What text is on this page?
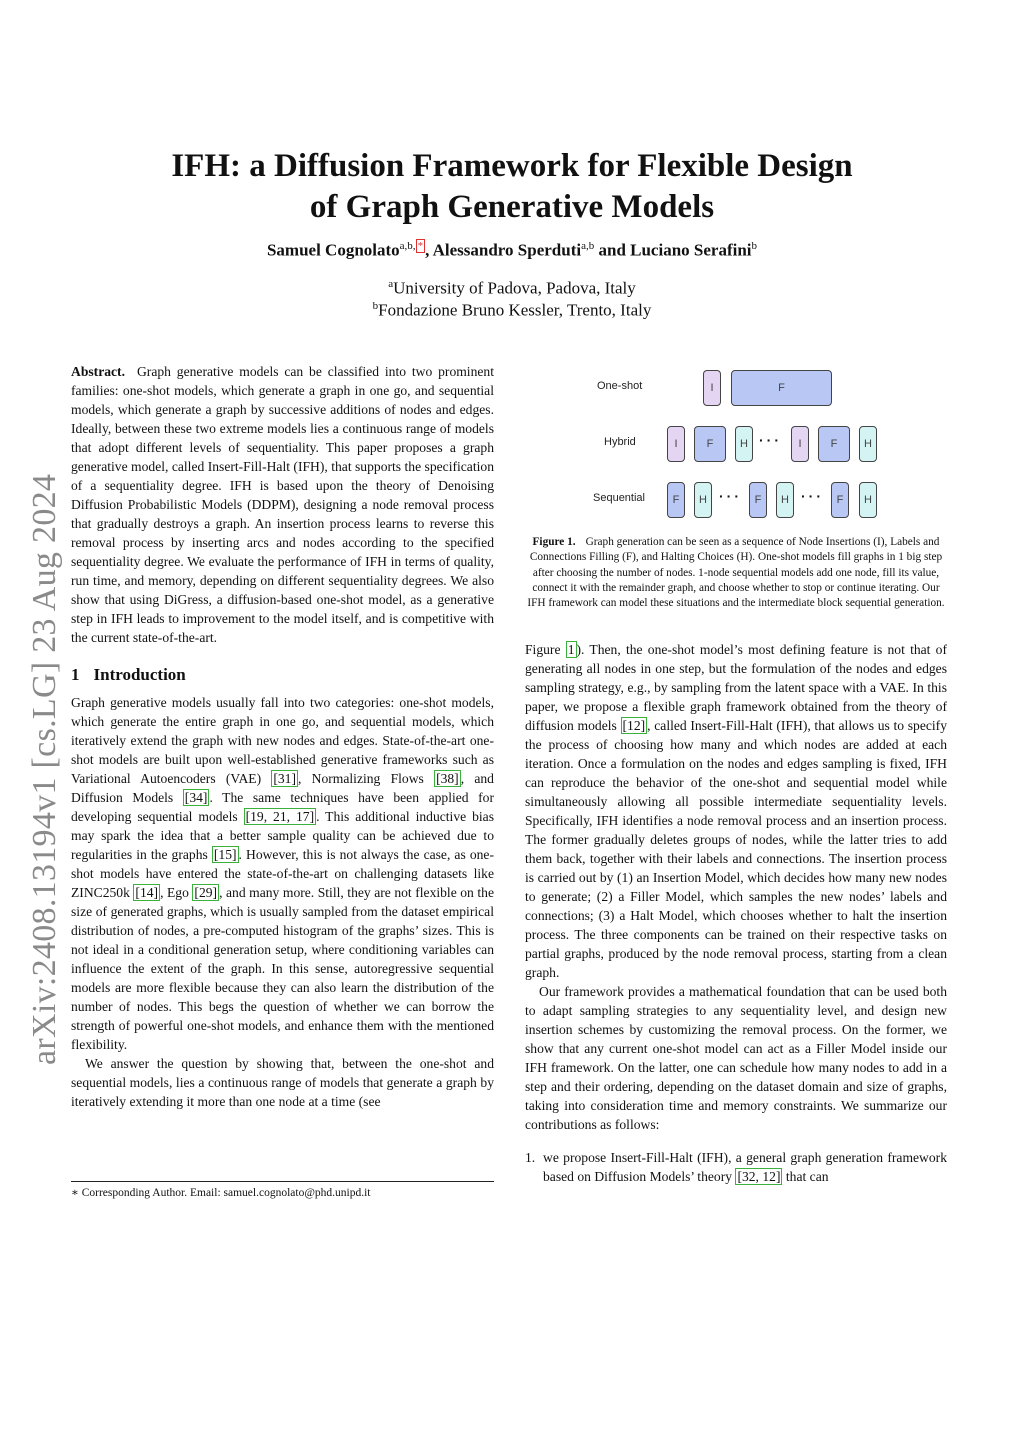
arXiv:2408.13194v1 [cs.LG] 23 Aug 2024
IFH: a Diffusion Framework for Flexible Design
of Graph Generative Models
Samuel Cognolato$^{a,b,}$ * , Alessandro Sperduti$^{a,b}$ and Luciano Serafini$^b$
$^a$University of Padova, Padova, Italy
$^b$Fondazione Bruno Kessler, Trento, Italy

Abstract. Graph generative models can be classified into two prominent families: one-shot models, which generate a graph in one go, and sequential models, which generate a graph by successive additions of nodes and edges. Ideally, between these two extreme models lies a continuous range of models that adopt different levels of sequentiality. This paper proposes a graph generative model, called Insert-Fill-Halt (IFH), that supports the specification of a sequentiality degree. IFH is based upon the theory of Denoising Diffusion Probabilistic Models (DDPM), designing a node removal process that gradually destroys a graph. An insertion process learns to reverse this removal process by inserting arcs and nodes according to the specified sequentiality degree. We evaluate the performance of IFH in terms of quality, run time, and memory, depending on different sequentiality degrees. We also show that using DiGress, a diffusion-based one-shot model, as a generative step in IFH leads to improvement to the model itself, and is competitive with the current state-of-the-art.

1 Introduction

Graph generative models usually fall into two categories: one-shot models, which generate the entire graph in one go, and sequential models, which iteratively extend the graph with new nodes and edges. State-of-the-art one-shot models are built upon well-established generative frameworks such as Variational Autoencoders (VAE) [31] , Normalizing Flows [38] , and Diffusion Models [34] . The same techniques have been applied for developing sequential models [19, 21, 17] . This additional inductive bias may spark the idea that a better sample quality can be achieved due to regularities in the graphs [15] . However, this is not always the case, as one-shot models have entered the state-of-the-art on challenging datasets like ZINC250k [14] , Ego [29] , and many more. Still, they are not flexible on the size of generated graphs, which is usually sampled from the dataset empirical distribution of nodes, a pre-computed histogram of the graphs’ sizes. This is not ideal in a conditional generation setup, where conditioning variables can influence the extent of the graph. In this sense, autoregressive sequential models are more flexible because they can also learn the distribution of the number of nodes. This begs the question of whether we can borrow the strength of powerful one-shot models, and enhance them with the mentioned flexibility.

We answer the question by showing that, between the one-shot and sequential models, lies a continuous range of models that generate a graph by iteratively extending it more than one node at a time (see

∗ Corresponding Author. Email: samuel.cognolato@phd.unipd.it
One-shot
Hybrid
Sequential
I	F
I	F	H ···	I	F	H
F	H ···	F	H ···	F	H
Figure 1. Graph generation can be seen as a sequence of Node Insertions (I), Labels and Connections Filling (F), and Halting Choices (H). One-shot models fill graphs in 1 big step after choosing the number of nodes. 1-node sequential models add one node, fill its value, connect it with the remainder graph, and choose whether to stop or continue iterating. Our IFH framework can model these situations and the intermediate block sequential generation.

Figure 1 ). Then, the one-shot model’s most defining feature is not that of generating all nodes in one step, but the formulation of the nodes and edges sampling strategy, e.g., by sampling from the latent space with a VAE. In this paper, we propose a flexible graph framework obtained from the theory of diffusion models [12] , called Insert-Fill-Halt (IFH), that allows us to specify the process of choosing how many and which nodes are added at each iteration. Once a formulation on the nodes and edges sampling is fixed, IFH can reproduce the behavior of the one-shot and sequential model while simultaneously allowing all possible intermediate sequentiality levels. Specifically, IFH identifies a node removal process and an insertion process. The former gradually deletes groups of nodes, while the latter tries to add them back, together with their labels and connections. The insertion process is carried out by (1) an Insertion Model, which decides how many new nodes to generate; (2) a Filler Model, which samples the new nodes’ labels and connections; (3) a Halt Model, which chooses whether to halt the insertion process. The three components can be trained on their respective tasks on partial graphs, produced by the node removal process, starting from a clean graph.

Our framework provides a mathematical foundation that can be used both to adapt sampling strategies to any sequentiality level, and design new insertion schemes by customizing the removal process. On the former, we show that any current one-shot model can act as a Filler Model inside our IFH framework. On the latter, one can schedule how many nodes to add in a step and their ordering, depending on the dataset domain and size of graphs, taking into consideration time and memory constraints. We summarize our contributions as follows:

1. we propose Insert-Fill-Halt (IFH), a general graph generation framework based on Diffusion Models’ theory [32, 12] that can
